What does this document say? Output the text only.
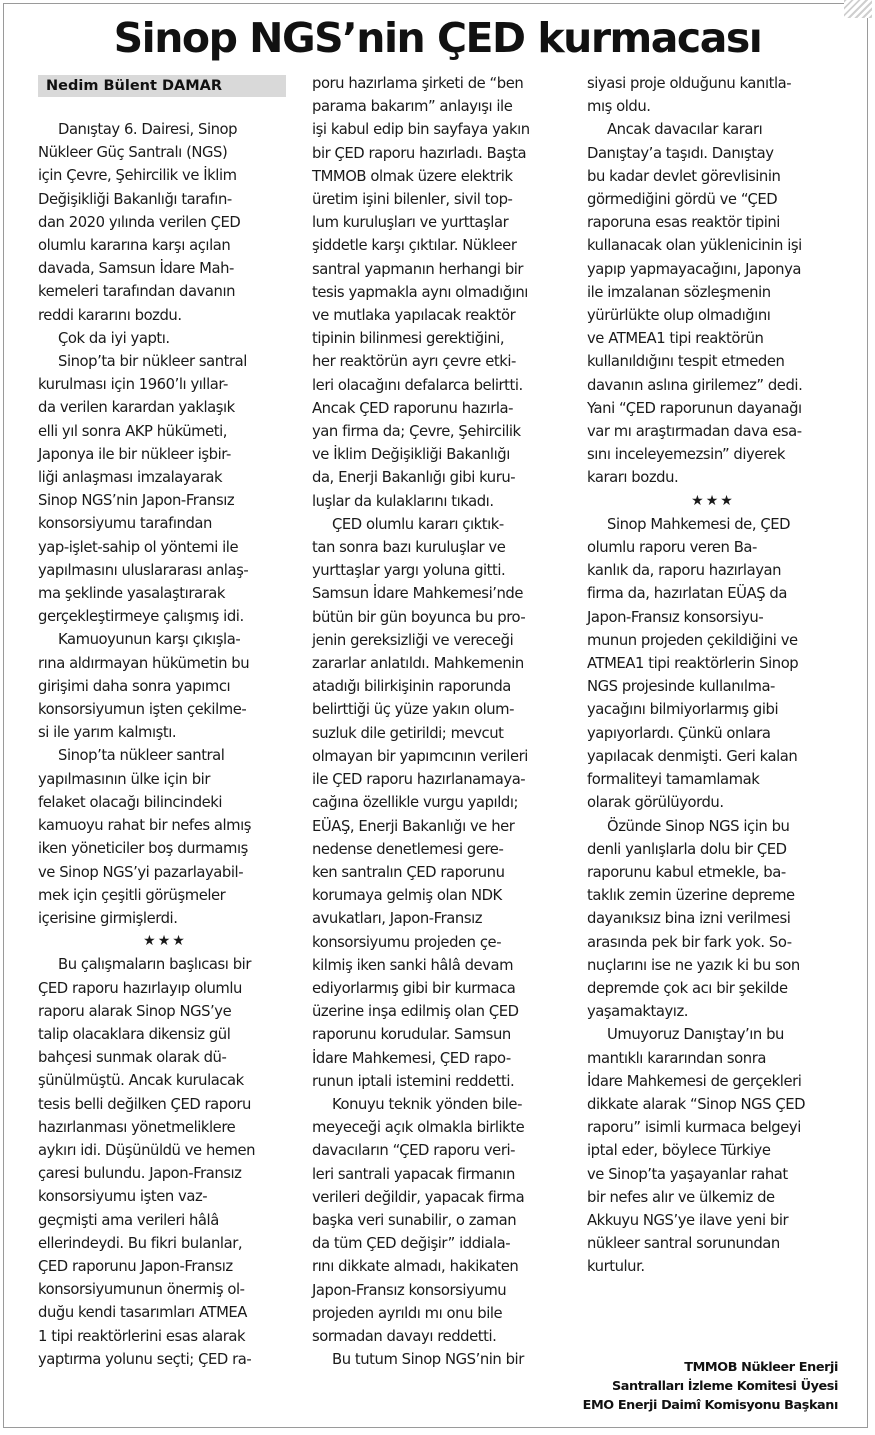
Sinop NGS’nin ÇED kurmacası
Nedim Bülent DAMAR

Danıştay 6. Dairesi, Sinop
Nükleer Güç Santralı (NGS)
için Çevre, Şehircilik ve İklim
Değişikliği Bakanlığı tarafın-
dan 2020 yılında verilen ÇED
olumlu kararına karşı açılan
davada, Samsun İdare Mah-
kemeleri tarafından davanın
reddi kararını bozdu.

Çok da iyi yaptı.

Sinop’ta bir nükleer santral
kurulması için 1960’lı yıllar-
da verilen karardan yaklaşık
elli yıl sonra AKP hükümeti,
Japonya ile bir nükleer işbir-
liği anlaşması imzalayarak
Sinop NGS’nin Japon-Fransız
konsorsiyumu tarafından
yap-işlet-sahip ol yöntemi ile
yapılmasını uluslararası anlaş-
ma şeklinde yasalaştırarak
gerçekleştirmeye çalışmış idi.

Kamuoyunun karşı çıkışla-
rına aldırmayan hükümetin bu
girişimi daha sonra yapımcı
konsorsiyumun işten çekilme-
si ile yarım kalmıştı.

Sinop’ta nükleer santral
yapılmasının ülke için bir
felaket olacağı bilincindeki
kamuoyu rahat bir nefes almış
iken yöneticiler boş durmamış
ve Sinop NGS’yi pazarlayabil-
mek için çeşitli görüşmeler
içerisine girmişlerdi.

★★★

Bu çalışmaların başlıcası bir
ÇED raporu hazırlayıp olumlu
raporu alarak Sinop NGS’ye
talip olacaklara dikensiz gül
bahçesi sunmak olarak dü-
şünülmüştü. Ancak kurulacak
tesis belli değilken ÇED raporu
hazırlanması yönetmeliklere
aykırı idi. Düşünüldü ve hemen
çaresi bulundu. Japon-Fransız
konsorsiyumu işten vaz-
geçmişti ama verileri hâlâ
ellerindeydi. Bu fikri bulanlar,
ÇED raporunu Japon-Fransız
konsorsiyumunun önermiş ol-
duğu kendi tasarımları ATMEA
1 tipi reaktörlerini esas alarak
yaptırma yolunu seçti; ÇED ra-

poru hazırlama şirketi de “ben
parama bakarım” anlayışı ile
işi kabul edip bin sayfaya yakın
bir ÇED raporu hazırladı. Başta
TMMOB olmak üzere elektrik
üretim işini bilenler, sivil top-
lum kuruluşları ve yurttaşlar
şiddetle karşı çıktılar. Nükleer
santral yapmanın herhangi bir
tesis yapmakla aynı olmadığını
ve mutlaka yapılacak reaktör
tipinin bilinmesi gerektiğini,
her reaktörün ayrı çevre etki-
leri olacağını defalarca belirtti.
Ancak ÇED raporunu hazırla-
yan firma da; Çevre, Şehircilik
ve İklim Değişikliği Bakanlığı
da, Enerji Bakanlığı gibi kuru-
luşlar da kulaklarını tıkadı.

ÇED olumlu kararı çıktık-
tan sonra bazı kuruluşlar ve
yurttaşlar yargı yoluna gitti.
Samsun İdare Mahkemesi’nde
bütün bir gün boyunca bu pro-
jenin gereksizliği ve vereceği
zararlar anlatıldı. Mahkemenin
atadığı bilirkişinin raporunda
belirttiği üç yüze yakın olum-
suzluk dile getirildi; mevcut
olmayan bir yapımcının verileri
ile ÇED raporu hazırlanamaya-
cağına özellikle vurgu yapıldı;
EÜAŞ, Enerji Bakanlığı ve her
nedense denetlemesi gere-
ken santralın ÇED raporunu
korumaya gelmiş olan NDK
avukatları, Japon-Fransız
konsorsiyumu projeden çe-
kilmiş iken sanki hâlâ devam
ediyorlarmış gibi bir kurmaca
üzerine inşa edilmiş olan ÇED
raporunu korudular. Samsun
İdare Mahkemesi, ÇED rapo-
runun iptali istemini reddetti.

Konuyu teknik yönden bile-
meyeceği açık olmakla birlikte
davacıların “ÇED raporu veri-
leri santrali yapacak firmanın
verileri değildir, yapacak firma
başka veri sunabilir, o zaman
da tüm ÇED değişir” iddiala-
rını dikkate almadı, hakikaten
Japon-Fransız konsorsiyumu
projeden ayrıldı mı onu bile
sormadan davayı reddetti.

Bu tutum Sinop NGS’nin bir

siyasi proje olduğunu kanıtla-
mış oldu.

Ancak davacılar kararı
Danıştay’a taşıdı. Danıştay
bu kadar devlet görevlisinin
görmediğini gördü ve “ÇED
raporuna esas reaktör tipini
kullanacak olan yüklenicinin işi
yapıp yapmayacağını, Japonya
ile imzalanan sözleşmenin
yürürlükte olup olmadığını
ve ATMEA1 tipi reaktörün
kullanıldığını tespit etmeden
davanın aslına girilemez” dedi.
Yani “ÇED raporunun dayanağı
var mı araştırmadan dava esa-
sını inceleyemezsin” diyerek
kararı bozdu.

★★★

Sinop Mahkemesi de, ÇED
olumlu raporu veren Ba-
kanlık da, raporu hazırlayan
firma da, hazırlatan EÜAŞ da
Japon-Fransız konsorsiyu-
munun projeden çekildiğini ve
ATMEA1 tipi reaktörlerin Sinop
NGS projesinde kullanılma-
yacağını bilmiyorlarmış gibi
yapıyorlardı. Çünkü onlara
yapılacak denmişti. Geri kalan
formaliteyi tamamlamak
olarak görülüyordu.

Özünde Sinop NGS için bu
denli yanlışlarla dolu bir ÇED
raporunu kabul etmekle, ba-
taklık zemin üzerine depreme
dayanıksız bina izni verilmesi
arasında pek bir fark yok. So-
nuçlarını ise ne yazık ki bu son
depremde çok acı bir şekilde
yaşamaktayız.

Umuyoruz Danıştay’ın bu
mantıklı kararından sonra
İdare Mahkemesi de gerçekleri
dikkate alarak “Sinop NGS ÇED
raporu” isimli kurmaca belgeyi
iptal eder, böylece Türkiye
ve Sinop’ta yaşayanlar rahat
bir nefes alır ve ülkemiz de
Akkuyu NGS’ye ilave yeni bir
nükleer santral sorunundan
kurtulur.

TMMOB Nükleer Enerji
Santralları İzleme Komitesi Üyesi
EMO Enerji Daimî Komisyonu Başkanı
